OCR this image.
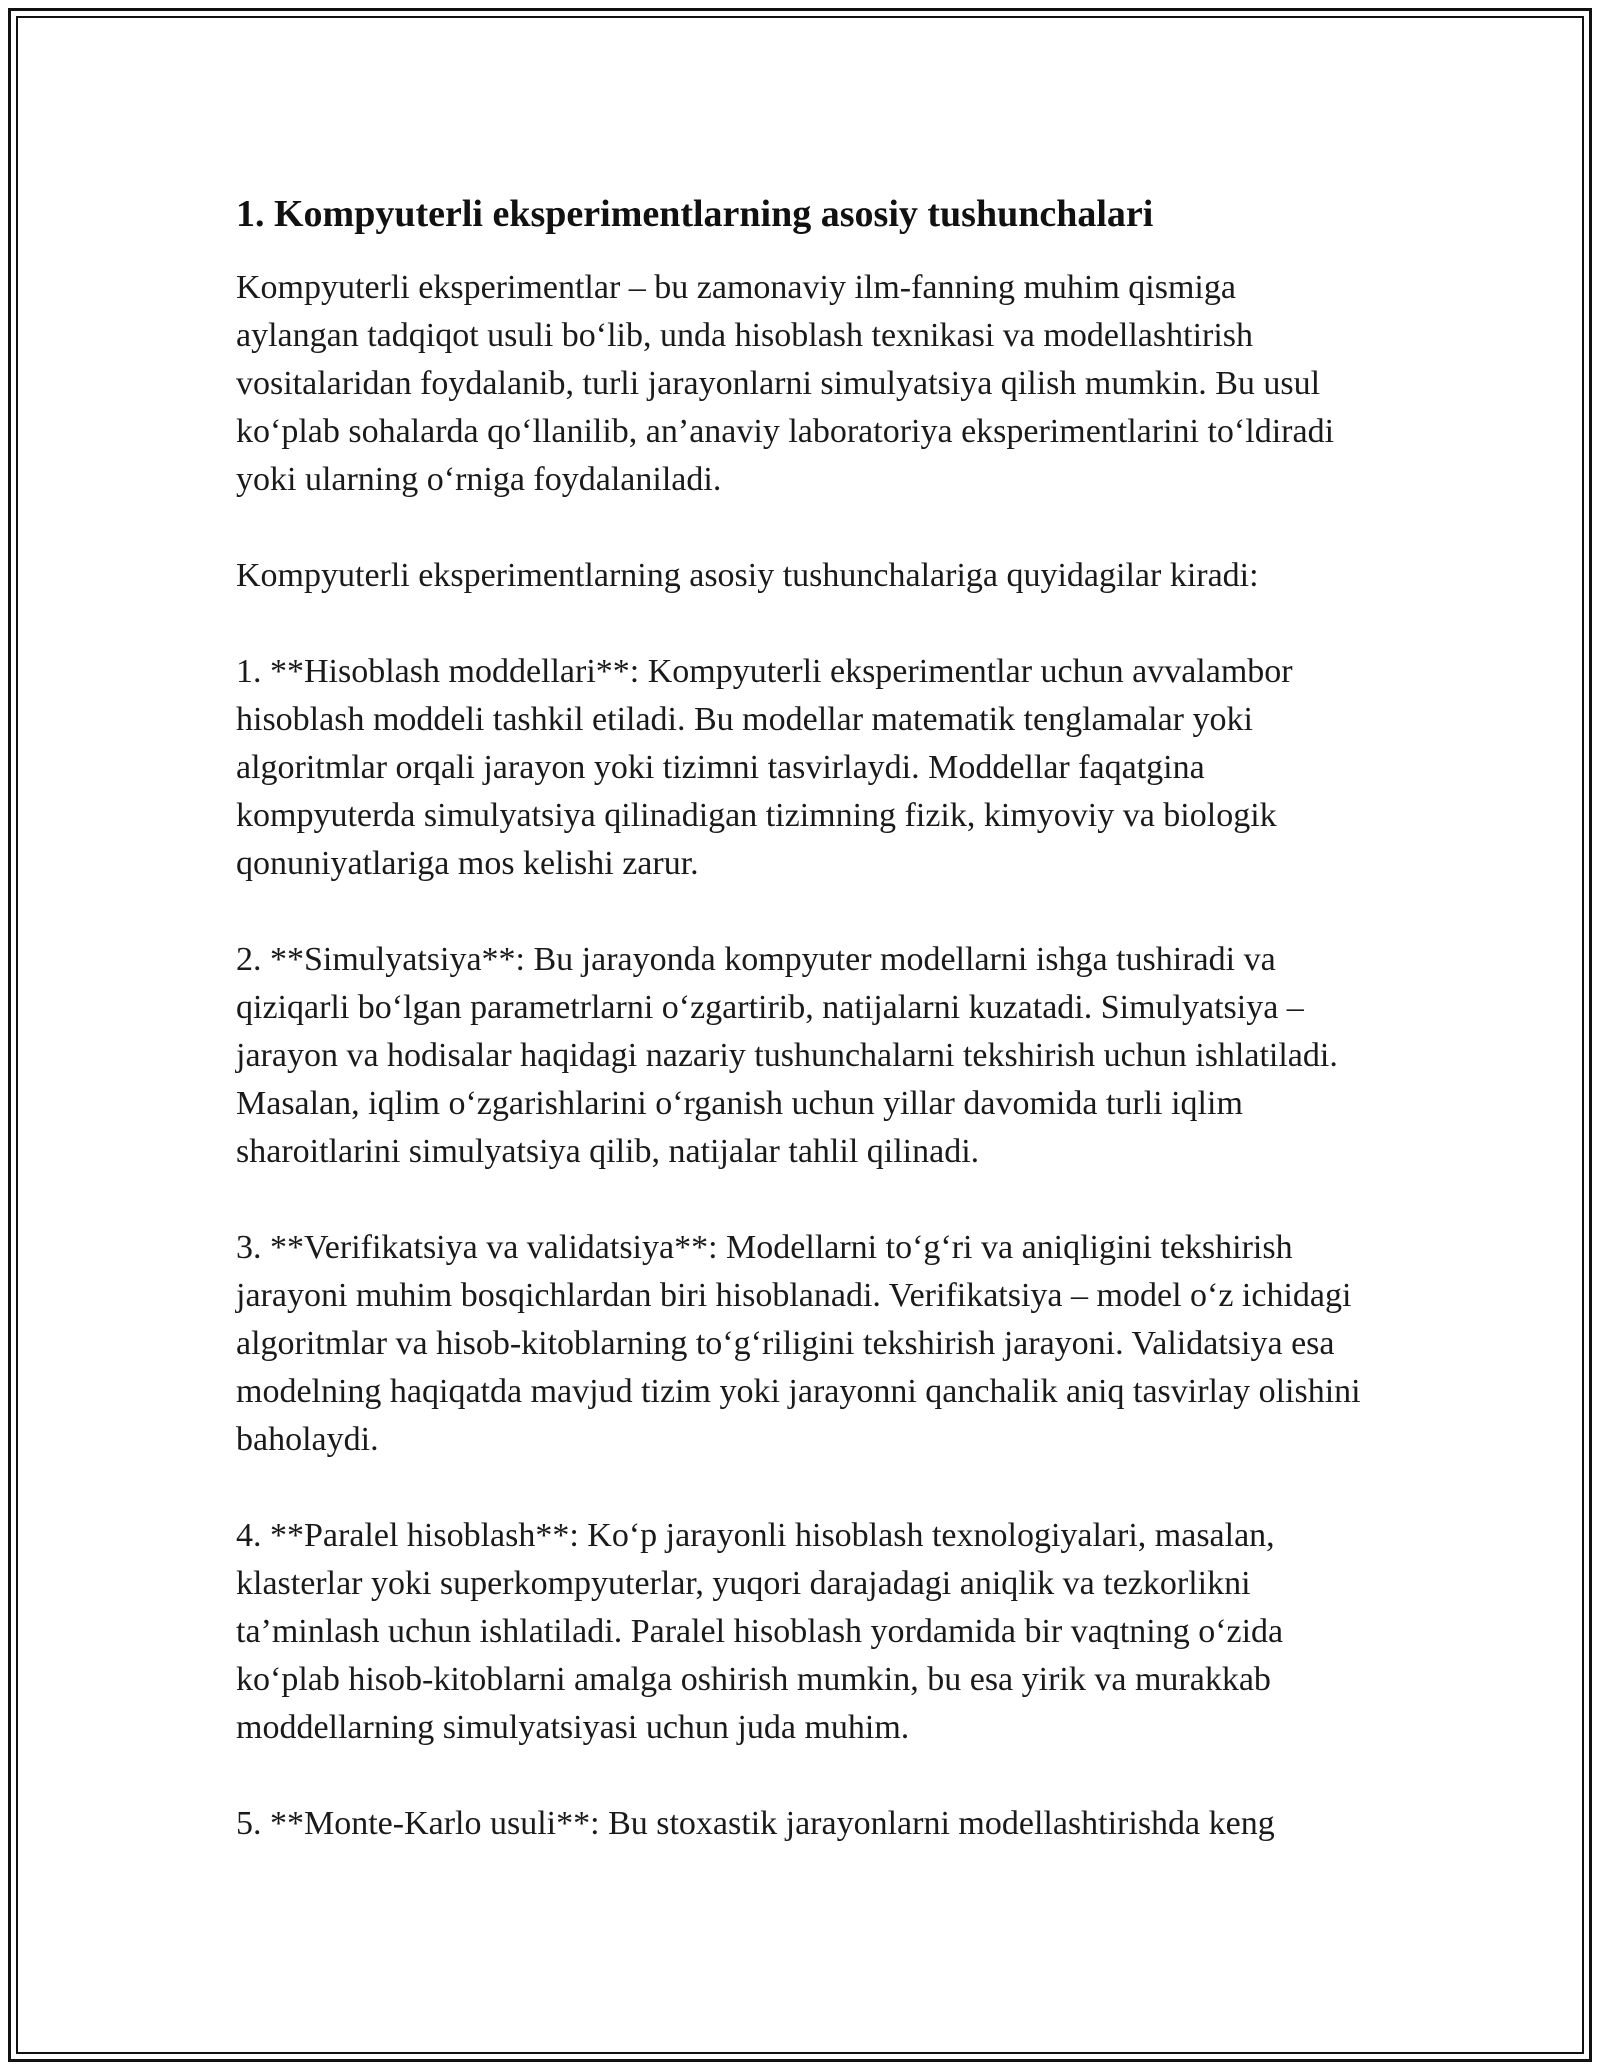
1. Kompyuterli eksperimentlarning asosiy tushunchalari

Kompyuterli eksperimentlar – bu zamonaviy ilm-fanning muhim qismiga aylangan tadqiqot usuli bo‘lib, unda hisoblash texnikasi va modellashtirish vositalaridan foydalanib, turli jarayonlarni simulyatsiya qilish mumkin. Bu usul ko‘plab sohalarda qo‘llanilib, an’anaviy laboratoriya eksperimentlarini to‘ldiradi yoki ularning o‘rniga foydalaniladi.

Kompyuterli eksperimentlarning asosiy tushunchalariga quyidagilar kiradi:

1. **Hisoblash moddellari**: Kompyuterli eksperimentlar uchun avvalambor hisoblash moddeli tashkil etiladi. Bu modellar matematik tenglamalar yoki algoritmlar orqali jarayon yoki tizimni tasvirlaydi. Moddellar faqatgina kompyuterda simulyatsiya qilinadigan tizimning fizik, kimyoviy va biologik qonuniyatlariga mos kelishi zarur.

2. **Simulyatsiya**: Bu jarayonda kompyuter modellarni ishga tushiradi va qiziqarli bo‘lgan parametrlarni o‘zgartirib, natijalarni kuzatadi. Simulyatsiya – jarayon va hodisalar haqidagi nazariy tushunchalarni tekshirish uchun ishlatiladi. Masalan, iqlim o‘zgarishlarini o‘rganish uchun yillar davomida turli iqlim sharoitlarini simulyatsiya qilib, natijalar tahlil qilinadi.

3. **Verifikatsiya va validatsiya**: Modellarni to‘g‘ri va aniqligini tekshirish jarayoni muhim bosqichlardan biri hisoblanadi. Verifikatsiya – model o‘z ichidagi algoritmlar va hisob-kitoblarning to‘g‘riligini tekshirish jarayoni. Validatsiya esa modelning haqiqatda mavjud tizim yoki jarayonni qanchalik aniq tasvirlay olishini baholaydi.

4. **Paralel hisoblash**: Ko‘p jarayonli hisoblash texnologiyalari, masalan, klasterlar yoki superkompyuterlar, yuqori darajadagi aniqlik va tezkorlikni ta’minlash uchun ishlatiladi. Paralel hisoblash yordamida bir vaqtning o‘zida ko‘plab hisob-kitoblarni amalga oshirish mumkin, bu esa yirik va murakkab moddellarning simulyatsiyasi uchun juda muhim.

5. **Monte-Karlo usuli**: Bu stoxastik jarayonlarni modellashtirishda keng
